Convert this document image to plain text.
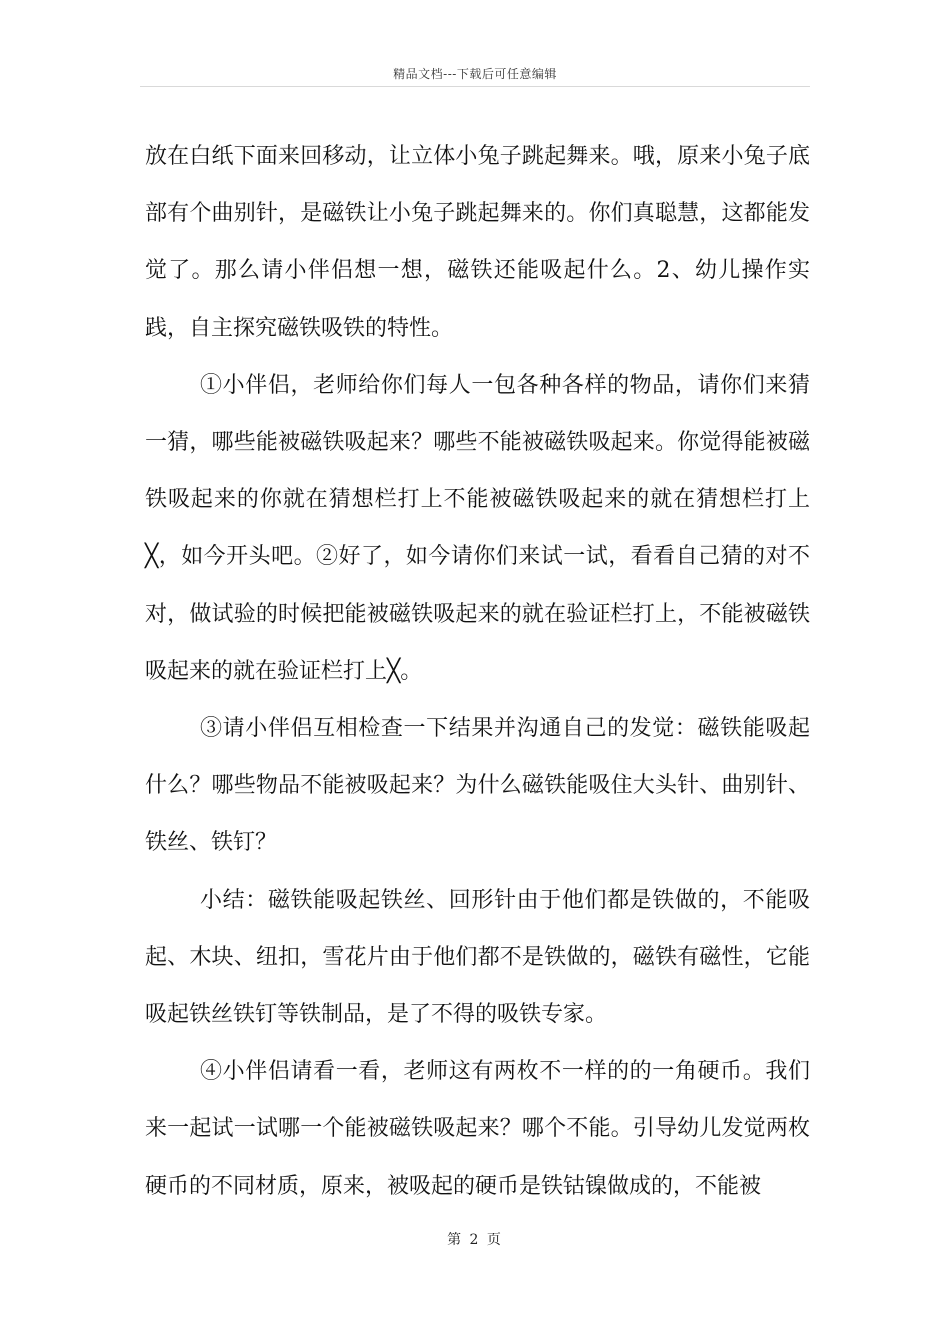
精品文档---下载后可任意编辑

放在白纸下面来回移动，让立体小兔子跳起舞来。哦，原来小兔子底部有个曲别针，是磁铁让小兔子跳起舞来的。你们真聪慧，这都能发觉了。那么请小伴侣想一想，磁铁还能吸起什么。2、幼儿操作实践，自主探究磁铁吸铁的特性。

①小伴侣，老师给你们每人一包各种各样的物品，请你们来猜一猜，哪些能被磁铁吸起来？哪些不能被磁铁吸起来。你觉得能被磁铁吸起来的你就在猜想栏打上不能被磁铁吸起来的就在猜想栏打上╳，如今开头吧。②好了，如今请你们来试一试，看看自己猜的对不对，做试验的时候把能被磁铁吸起来的就在验证栏打上，不能被磁铁吸起来的就在验证栏打上╳。

③请小伴侣互相检查一下结果并沟通自己的发觉：磁铁能吸起什么？哪些物品不能被吸起来？为什么磁铁能吸住大头针、曲别针、铁丝、铁钉？

小结：磁铁能吸起铁丝、回形针由于他们都是铁做的，不能吸起、木块、纽扣，雪花片由于他们都不是铁做的，磁铁有磁性，它能吸起铁丝铁钉等铁制品，是了不得的吸铁专家。

④小伴侣请看一看，老师这有两枚不一样的的一角硬币。我们来一起试一试哪一个能被磁铁吸起来？哪个不能。引导幼儿发觉两枚硬币的不同材质，原来，被吸起的硬币是铁钴镍做成的，不能被

第 2 页
